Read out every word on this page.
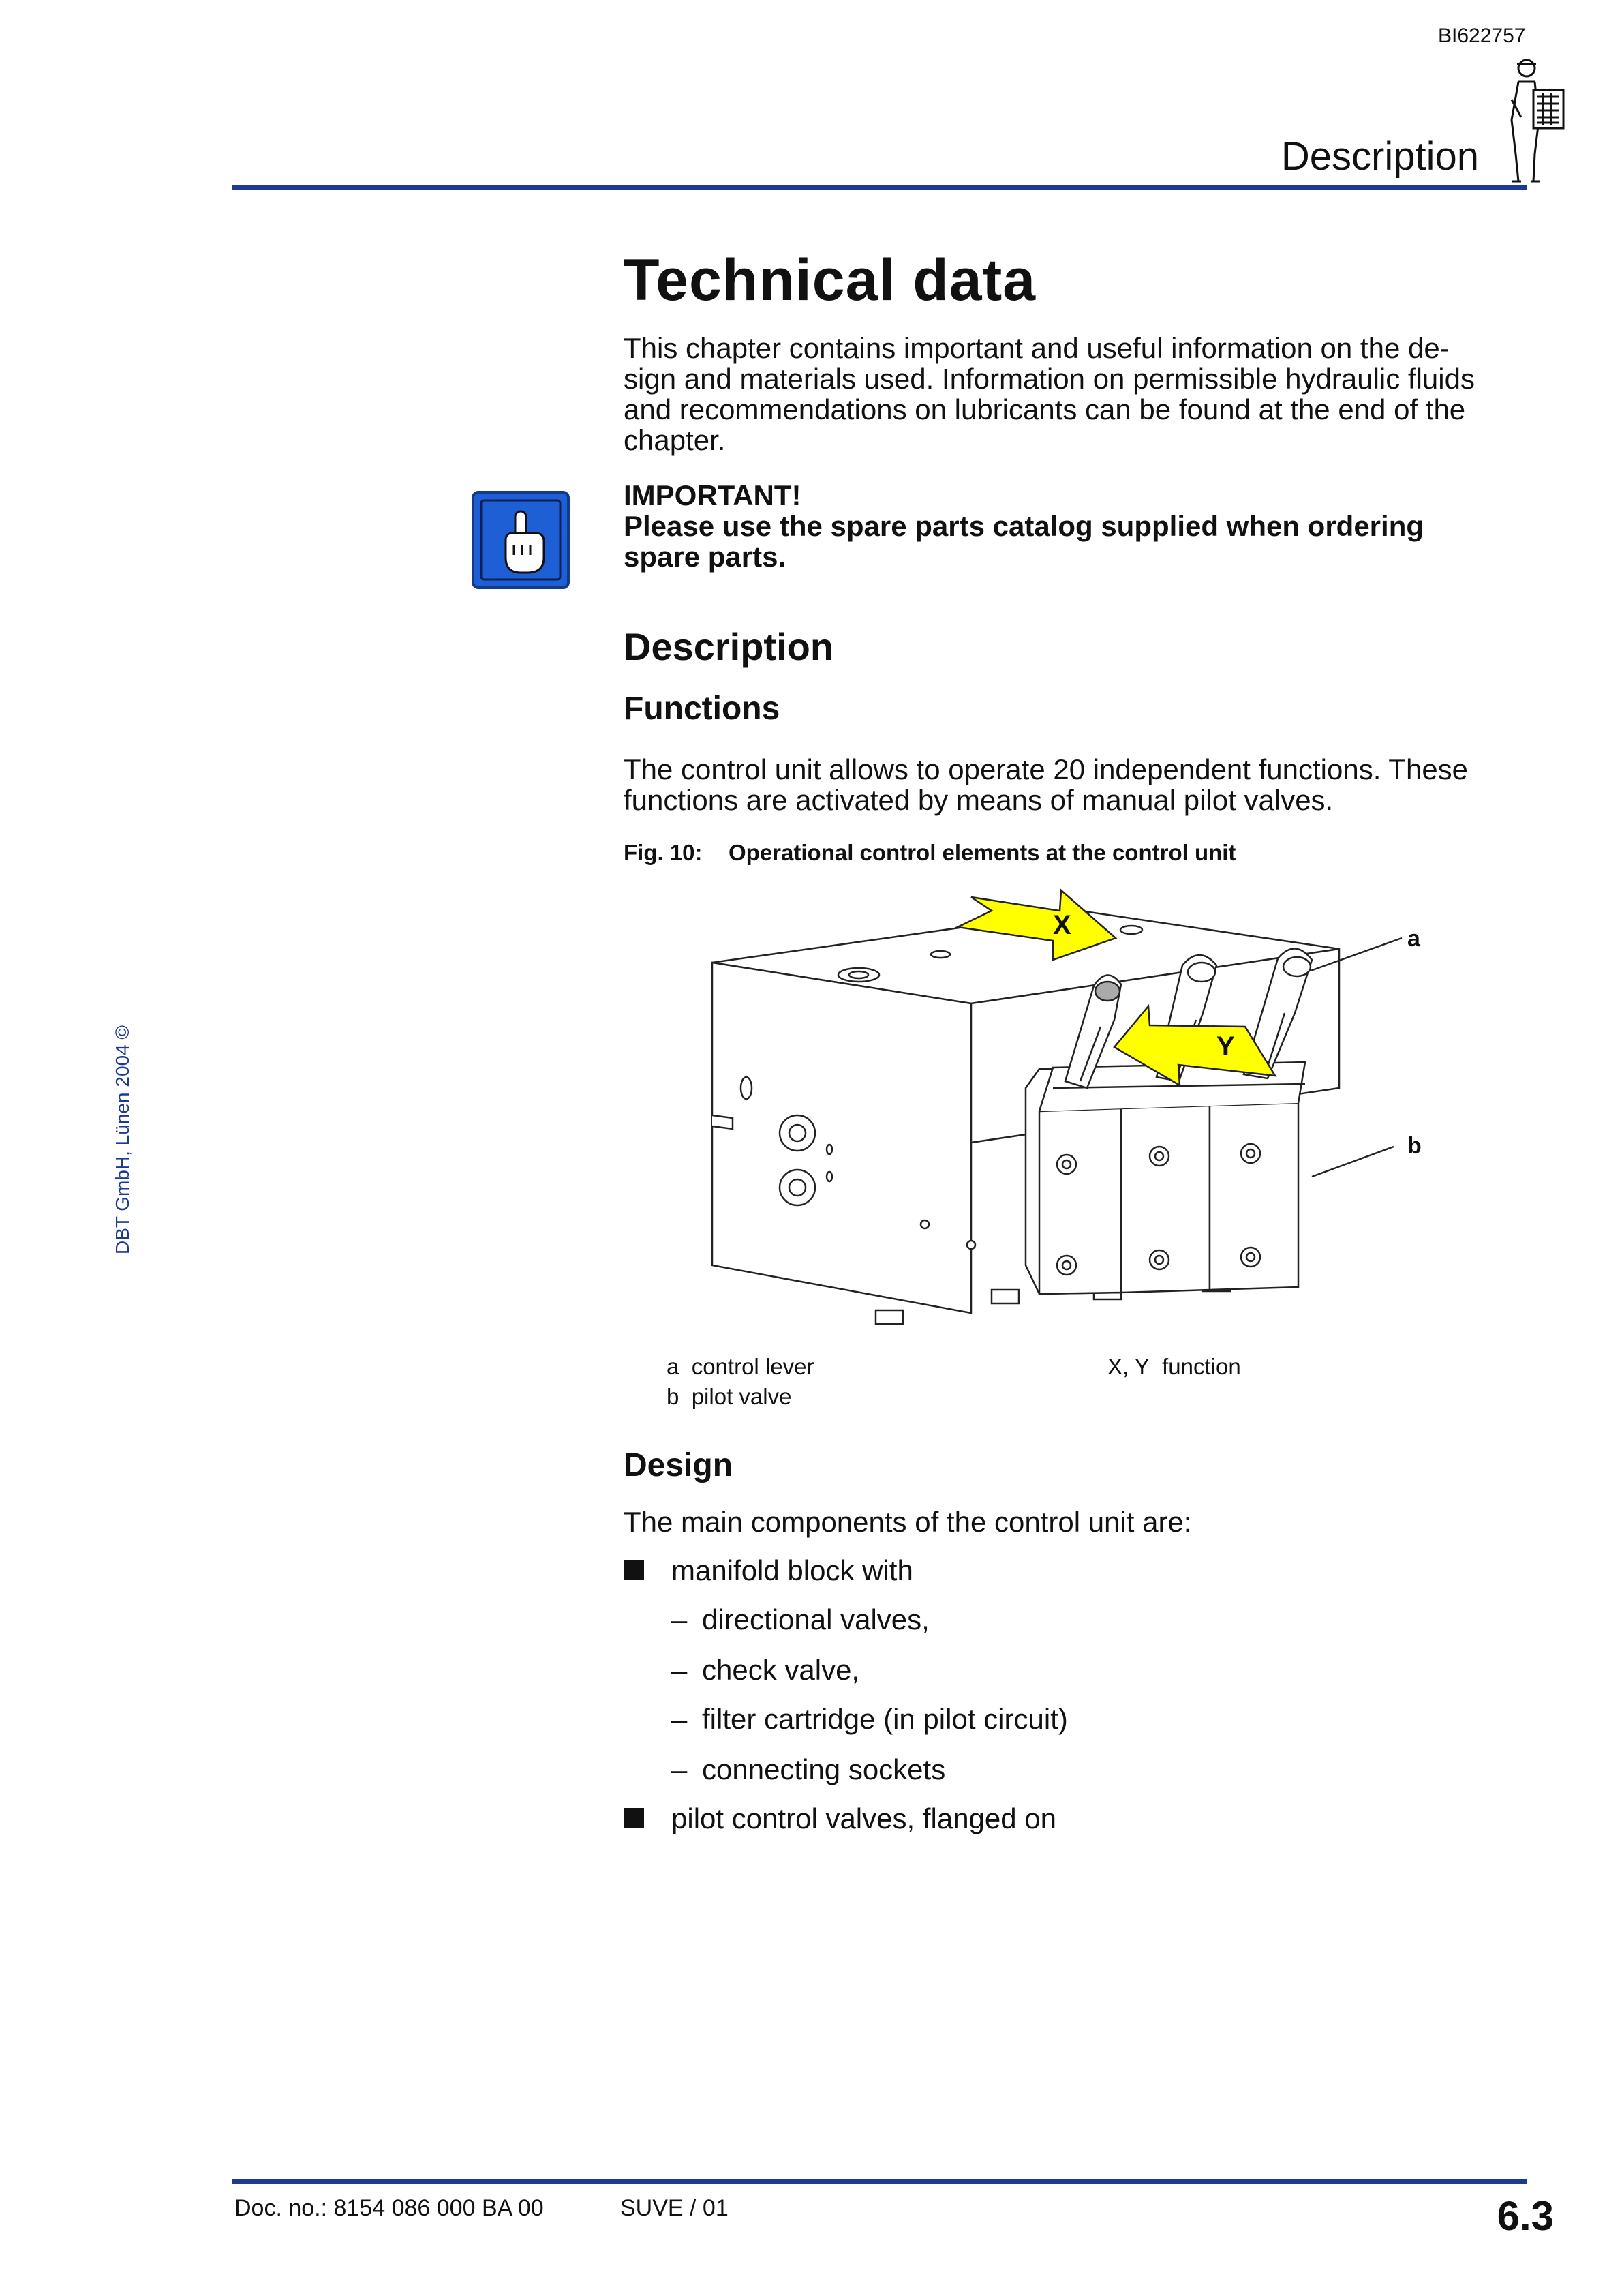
BI622757
Description
DBT GmbH, Lünen 2004 ©
Technical data
This chapter contains important and useful information on the de-
sign and materials used. Information on permissible hydraulic fluids
and recommendations on lubricants can be found at the end of the
chapter.
IMPORTANT!
Please use the spare parts catalog supplied when ordering
spare parts.
Description
Functions
The control unit allows to operate 20 independent functions. These
functions are activated by means of manual pilot valves.
Fig. 10: Operational control elements at the control unit
X
Y
a
b
a control lever
b pilot valve
X, Y function
Design
The main components of the control unit are:
manifold block with
– directional valves,
– check valve,
– filter cartridge (in pilot circuit)
– connecting sockets
pilot control valves, flanged on
Doc. no.: 8154 086 000 BA 00	SUVE / 01	6.3
